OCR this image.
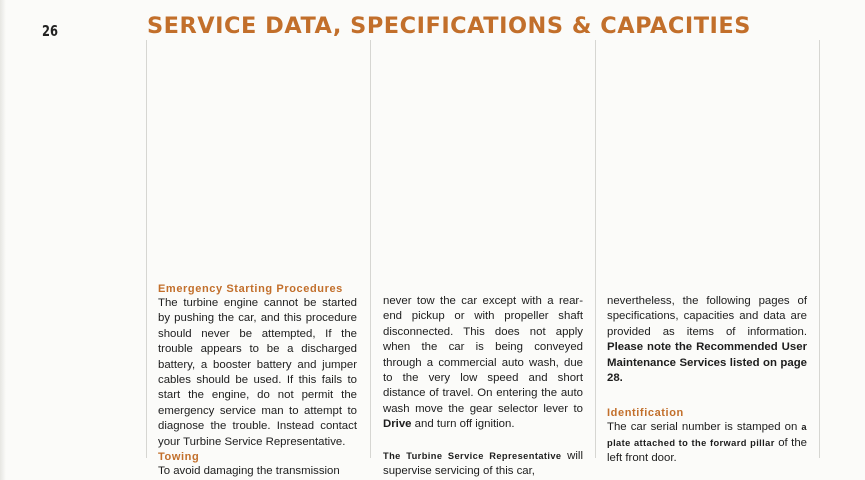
26	SERVICE DATA, SPECIFICATIONS & CAPACITIES

Emergency Starting Procedures

The turbine engine cannot be started by pushing the car, and this procedure should never be attempted, If the trouble appears to be a discharged battery, a booster battery and jumper cables should be used. If this fails to start the engine, do not permit the emergency service man to attempt to diagnose the trouble. Instead contact your Turbine Service Representative.

Towing

To avoid damaging the transmission

never tow the car except with a rear-end pickup or with propeller shaft disconnected. This does not apply when the car is being conveyed through a commercial auto wash, due to the very low speed and short distance of travel. On entering the auto wash move the gear selector lever to Drive and turn off ignition.

The Turbine Service Representative will supervise servicing of this car,

nevertheless, the following pages of specifications, capacities and data are provided as items of information. Please note the Recommended User Maintenance Services listed on page 28.

Identification

The car serial number is stamped on a plate attached to the forward pillar of the left front door.
